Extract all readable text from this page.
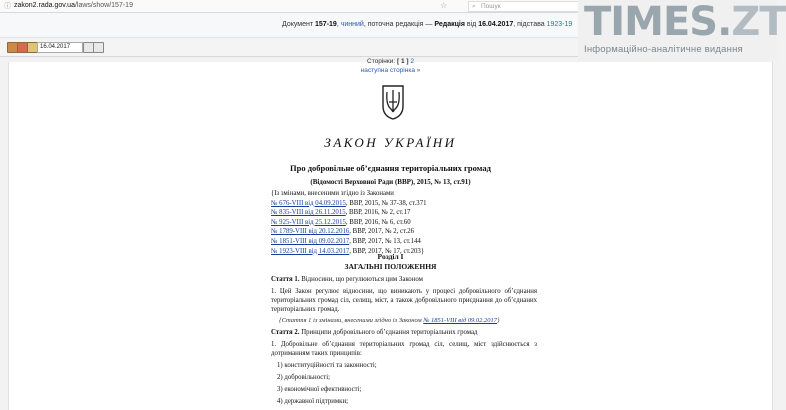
ⓘ zakon2.rada.gov.ua/laws/show/157-19	☆	⌕ Пошук
Документ 157-19, чинний, поточна редакція — Редакція від 16.04.2017, підстава 1923-19
16.04.2017
TIMES.ZT
Інформаційно-аналітичне видання
Сторінки: [ 1 ] 2
наступна сторінка »
ЗАКОН УКРАЇНИ
Про добровільне об’єднання територіальних громад
(Відомості Верховної Ради (ВВР), 2015, № 13, ст.91)
{Із змінами, внесеними згідно із Законами
№ 676-VIII від 04.09.2015, ВВР, 2015, № 37-38, ст.371
№ 835-VIII від 26.11.2015, ВВР, 2016, № 2, ст.17
№ 925-VIII від 25.12.2015, ВВР, 2016, № 6, ст.60
№ 1789-VIII від 20.12.2016, ВВР, 2017, № 2, ст.26
№ 1851-VIII від 09.02.2017, ВВР, 2017, № 13, ст.144
№ 1923-VIII від 14.03.2017, ВВР, 2017, № 17, ст.203}
Розділ I
ЗАГАЛЬНІ ПОЛОЖЕННЯ
Стаття 1. Відносини, що регулюються цим Законом
1. Цей Закон регулює відносини, що виникають у процесі добровільного об’єднання територіальних громад сіл, селищ, міст, а також добровільного приєднання до об’єднаних територіальних громад.
{Стаття 1 із змінами, внесеними згідно із Законом № 1851-VIII від 09.02.2017}
Стаття 2. Принципи добровільного об’єднання територіальних громад
1. Добровільне об’єднання територіальних громад сіл, селищ, міст здійснюється з дотриманням таких принципів:
1) конституційності та законності;
2) добровільності;
3) економічної ефективності;
4) державної підтримки;
